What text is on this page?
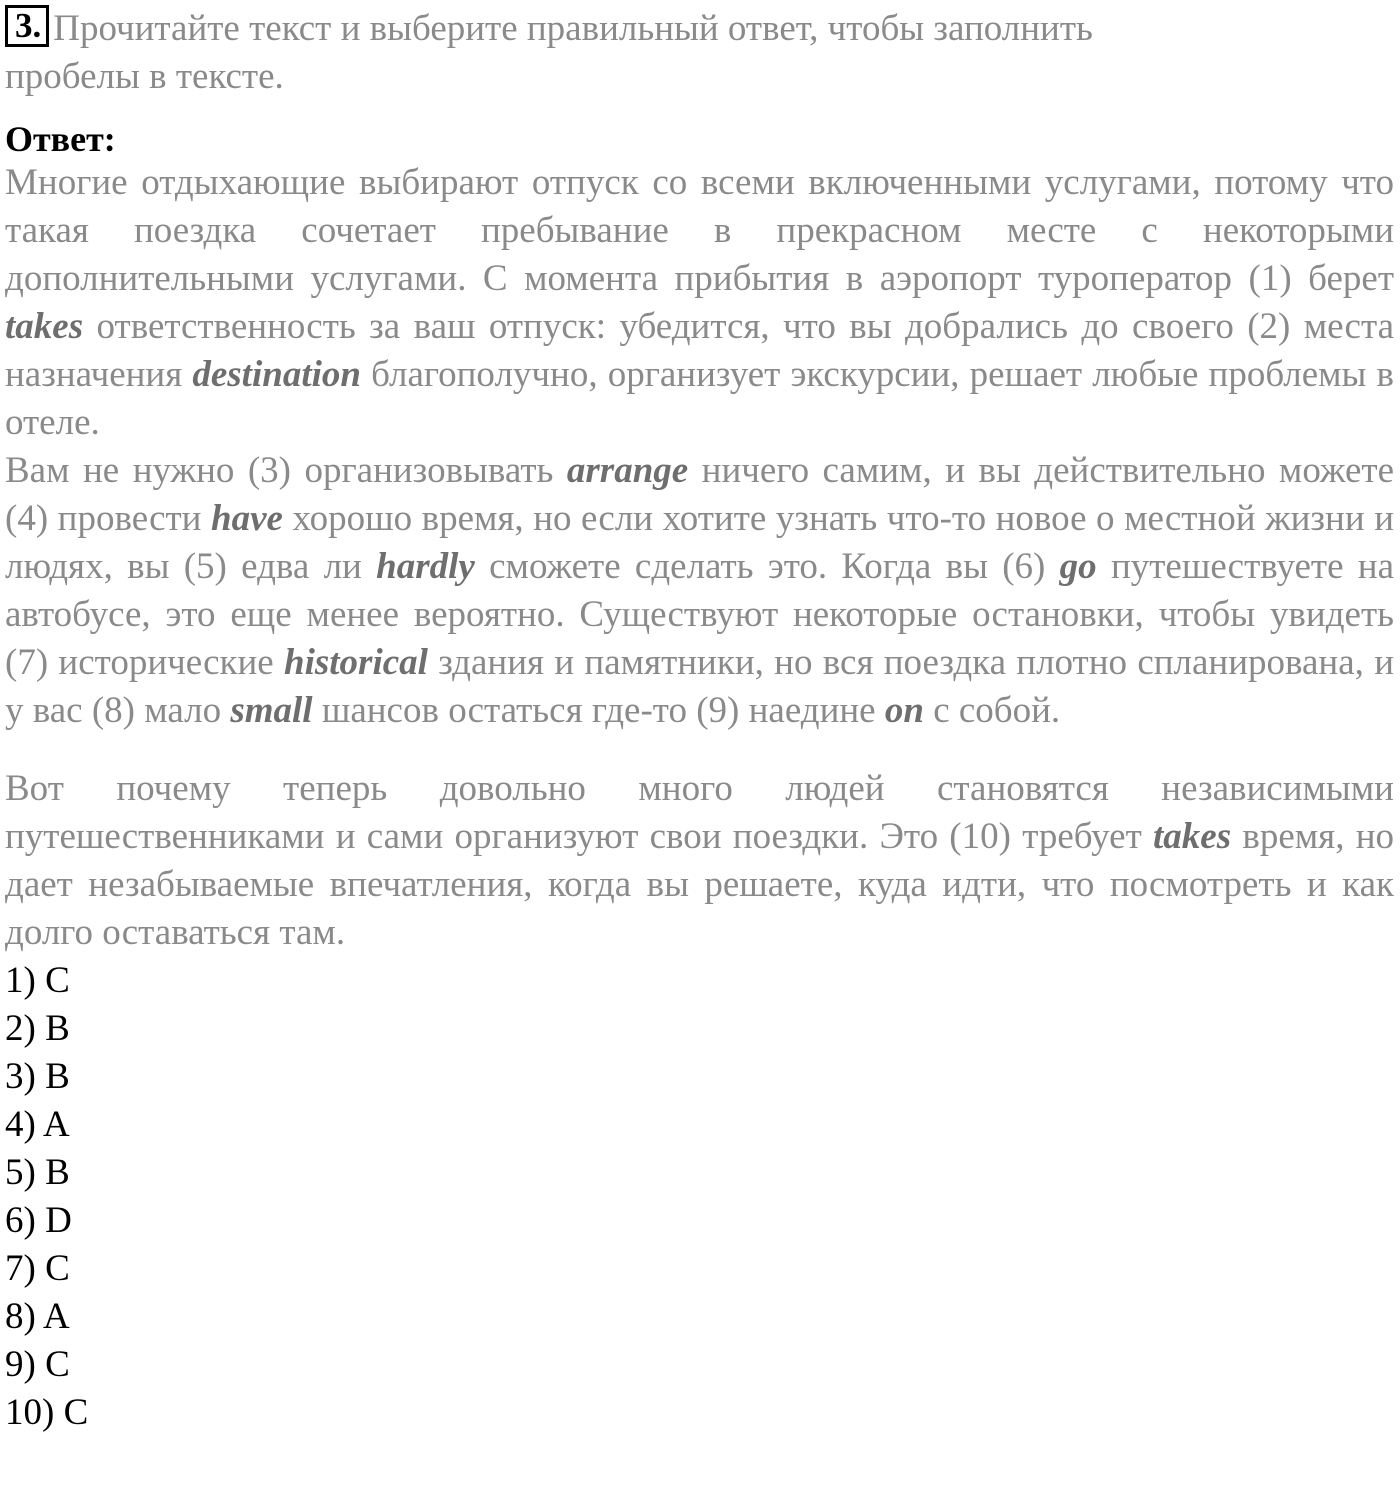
3. Прочитайте текст и выберите правильный ответ, чтобы заполнить
пробелы в тексте.
Ответ:
Многие отдыхающие выбирают отпуск со всеми включенными услугами, потому что такая поездка сочетает пребывание в прекрасном месте с некоторыми дополнительными услугами. С момента прибытия в аэропорт туроператор (1) берет takes ответственность за ваш отпуск: убедится, что вы добрались до своего (2) места назначения destination благополучно, организует экскурсии, решает любые проблемы в отеле.
Вам не нужно (3) организовывать arrange ничего самим, и вы действительно можете (4) провести have хорошо время, но если хотите узнать что-то новое о местной жизни и людях, вы (5) едва ли hardly сможете сделать это. Когда вы (6) go путешествуете на автобусе, это еще менее вероятно. Существуют некоторые остановки, чтобы увидеть (7) исторические historical здания и памятники, но вся поездка плотно спланирована, и у вас (8) мало small шансов остаться где-то (9) наедине on с собой.
Вот почему теперь довольно много людей становятся независимыми путешественниками и сами организуют свои поездки. Это (10) требует takes время, но дает незабываемые впечатления, когда вы решаете, куда идти, что посмотреть и как долго оставаться там.
1) C
2) B
3) B
4) A
5) B
6) D
7) C
8) A
9) C
10) C
